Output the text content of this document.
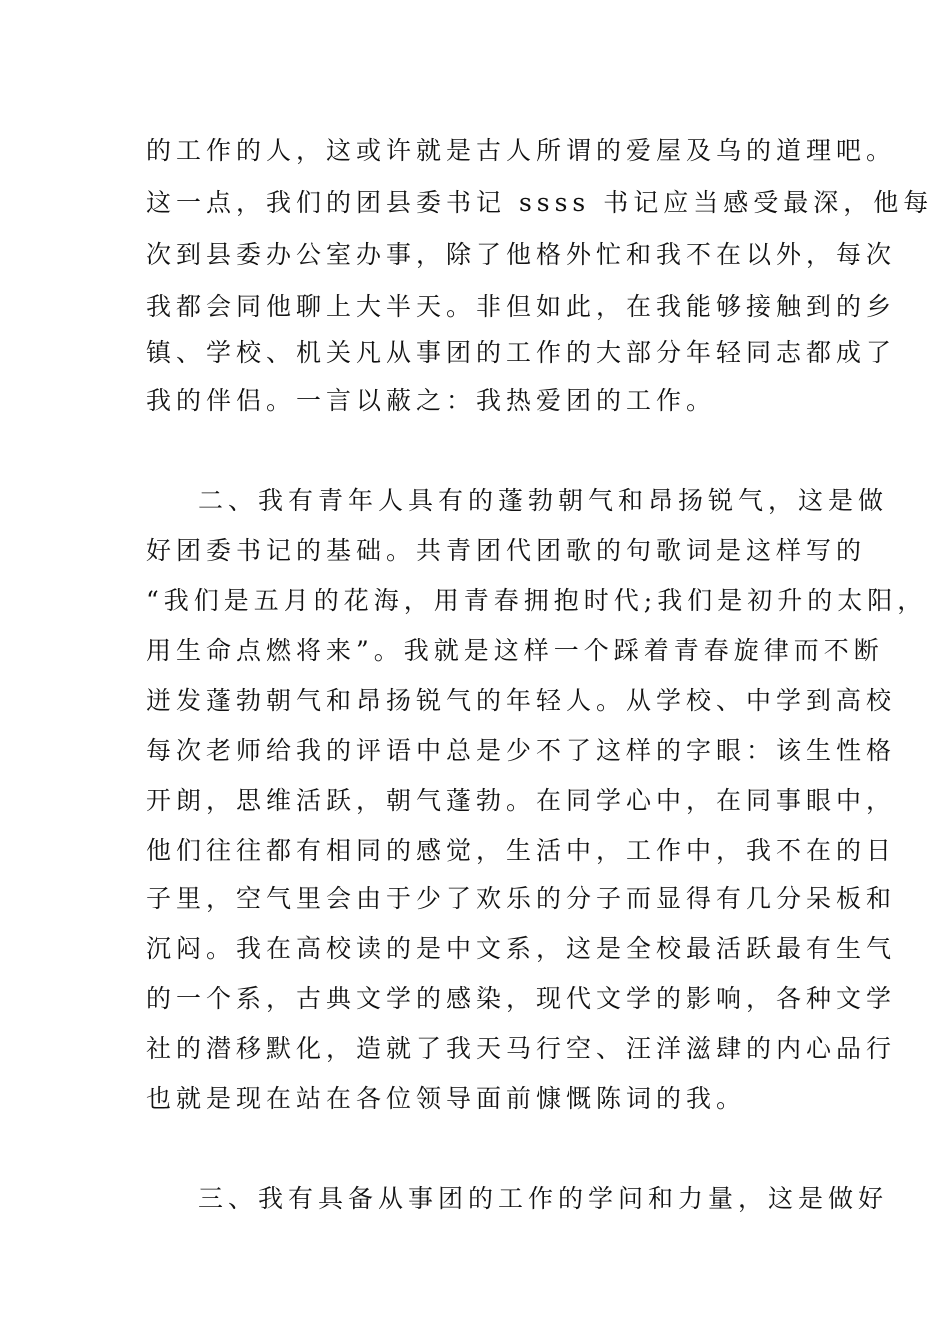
的工作的人，这或许就是古人所谓的爱屋及乌的道理吧。
这一点，我们的团县委书记 ssss 书记应当感受最深，他每
次到县委办公室办事，除了他格外忙和我不在以外，每次
我都会同他聊上大半天。非但如此，在我能够接触到的乡
镇、学校、机关凡从事团的工作的大部分年轻同志都成了
我的伴侣。一言以蔽之：我热爱团的工作。
二、我有青年人具有的蓬勃朝气和昂扬锐气，这是做
好团委书记的基础。共青团代团歌的句歌词是这样写的
“我们是五月的花海，用青春拥抱时代;我们是初升的太阳，
用生命点燃将来”。我就是这样一个踩着青春旋律而不断
迸发蓬勃朝气和昂扬锐气的年轻人。从学校、中学到高校
每次老师给我的评语中总是少不了这样的字眼：该生性格
开朗，思维活跃，朝气蓬勃。在同学心中，在同事眼中，
他们往往都有相同的感觉，生活中，工作中，我不在的日
子里，空气里会由于少了欢乐的分子而显得有几分呆板和
沉闷。我在高校读的是中文系，这是全校最活跃最有生气
的一个系，古典文学的感染，现代文学的影响，各种文学
社的潜移默化，造就了我天马行空、汪洋滋肆的内心品行
也就是现在站在各位领导面前慷慨陈词的我。
三、我有具备从事团的工作的学问和力量，这是做好
